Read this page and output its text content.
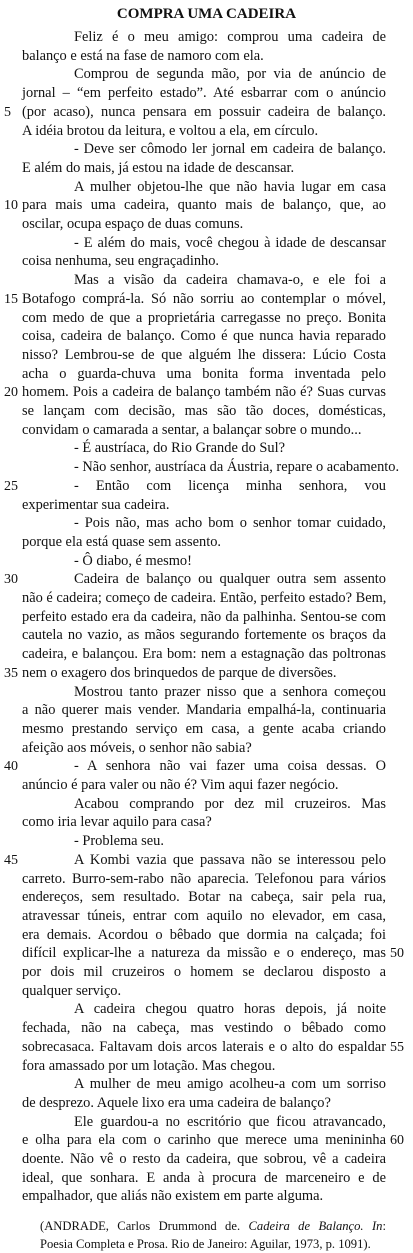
COMPRA UMA CADEIRA
Feliz é o meu amigo: comprou uma cadeira de
balanço e está na fase de namoro com ela.
Comprou de segunda mão, por via de anúncio de
jornal – “em perfeito estado”. Até esbarrar com o anúncio
(por acaso), nunca pensara em possuir cadeira de balanço.
5
A idéia brotou da leitura, e voltou a ela, em círculo.
- Deve ser cômodo ler jornal em cadeira de balanço.
E além do mais, já estou na idade de descansar.
A mulher objetou-lhe que não havia lugar em casa
para mais uma cadeira, quanto mais de balanço, que, ao
10
oscilar, ocupa espaço de duas comuns.
- E além do mais, você chegou à idade de descansar
coisa nenhuma, seu engraçadinho.
Mas a visão da cadeira chamava-o, e ele foi a
Botafogo comprá-la. Só não sorriu ao contemplar o móvel,
15
com medo de que a proprietária carregasse no preço. Bonita
coisa, cadeira de balanço. Como é que nunca havia reparado
nisso? Lembrou-se de que alguém lhe dissera: Lúcio Costa
acha o guarda-chuva uma bonita forma inventada pelo
homem. Pois a cadeira de balanço também não é? Suas curvas
20
se lançam com decisão, mas são tão doces, domésticas,
convidam o camarada a sentar, a balançar sobre o mundo...
- É austríaca, do Rio Grande do Sul?
- Não senhor, austríaca da Áustria, repare o acabamento.
- Então com licença minha senhora, vou
25
experimentar sua cadeira.
- Pois não, mas acho bom o senhor tomar cuidado,
porque ela está quase sem assento.
- Ô diabo, é mesmo!
Cadeira de balanço ou qualquer outra sem assento
30
não é cadeira; começo de cadeira. Então, perfeito estado? Bem,
perfeito estado era da cadeira, não da palhinha. Sentou-se com
cautela no vazio, as mãos segurando fortemente os braços da
cadeira, e balançou. Era bom: nem a estagnação das poltronas
nem o exagero dos brinquedos de parque de diversões.
35
Mostrou tanto prazer nisso que a senhora começou
a não querer mais vender. Mandaria empalhá-la, continuaria
mesmo prestando serviço em casa, a gente acaba criando
afeição aos móveis, o senhor não sabia?
- A senhora não vai fazer uma coisa dessas. O
40
anúncio é para valer ou não é? Vim aqui fazer negócio.
Acabou comprando por dez mil cruzeiros. Mas
como iria levar aquilo para casa?
- Problema seu.
A Kombi vazia que passava não se interessou pelo
45
carreto. Burro-sem-rabo não aparecia. Telefonou para vários
endereços, sem resultado. Botar na cabeça, sair pela rua,
atravessar túneis, entrar com aquilo no elevador, em casa,
era demais. Acordou o bêbado que dormia na calçada; foi
difícil explicar-lhe a natureza da missão e o endereço, mas 50
por dois mil cruzeiros o homem se declarou disposto a
qualquer serviço.
A cadeira chegou quatro horas depois, já noite
fechada, não na cabeça, mas vestindo o bêbado como
sobrecasaca. Faltavam dois arcos laterais e o alto do espaldar 55
fora amassado por um lotação. Mas chegou.
A mulher de meu amigo acolheu-a com um sorriso
de desprezo. Aquele lixo era uma cadeira de balanço?
Ele guardou-a no escritório que ficou atravancado,
e olha para ela com o carinho que merece uma menininha 60
doente. Não vê o resto da cadeira, que sobrou, vê a cadeira
ideal, que sonhara. E anda à procura de marceneiro e de
empalhador, que aliás não existem em parte alguma.
(ANDRADE, Carlos Drummond de. Cadeira de Balanço. In:
Poesia Completa e Prosa. Rio de Janeiro: Aguilar, 1973, p. 1091).
